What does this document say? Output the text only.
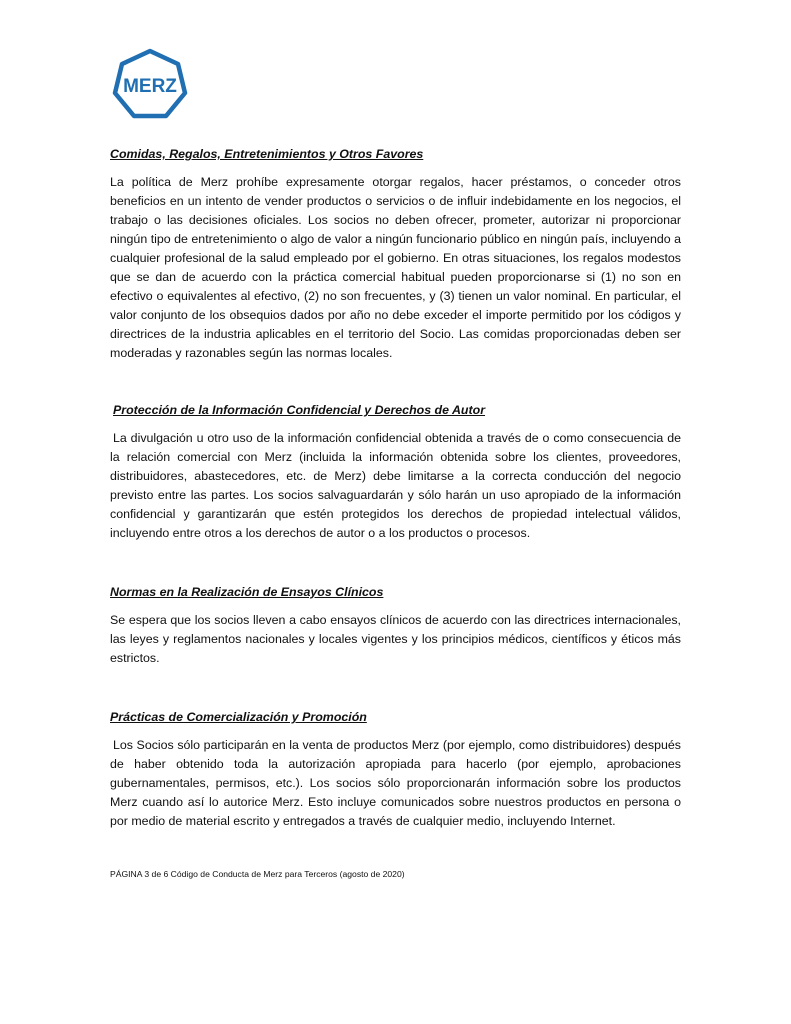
MERZ

Comidas, Regalos, Entretenimientos y Otros Favores

La política de Merz prohíbe expresamente otorgar regalos, hacer préstamos, o conceder otros beneficios en un intento de vender productos o servicios o de influir indebidamente en los negocios, el trabajo o las decisiones oficiales. Los socios no deben ofrecer, prometer, autorizar ni proporcionar ningún tipo de entretenimiento o algo de valor a ningún funcionario público en ningún país, incluyendo a cualquier profesional de la salud empleado por el gobierno. En otras situaciones, los regalos modestos que se dan de acuerdo con la práctica comercial habitual pueden proporcionarse si (1) no son en efectivo o equivalentes al efectivo, (2) no son frecuentes, y (3) tienen un valor nominal. En particular, el valor conjunto de los obsequios dados por año no debe exceder el importe permitido por los códigos y directrices de la industria aplicables en el territorio del Socio. Las comidas proporcionadas deben ser moderadas y razonables según las normas locales.

Protección de la Información Confidencial y Derechos de Autor

La divulgación u otro uso de la información confidencial obtenida a través de o como consecuencia de la relación comercial con Merz (incluida la información obtenida sobre los clientes, proveedores, distribuidores, abastecedores, etc. de Merz) debe limitarse a la correcta conducción del negocio previsto entre las partes. Los socios salvaguardarán y sólo harán un uso apropiado de la información confidencial y garantizarán que estén protegidos los derechos de propiedad intelectual válidos, incluyendo entre otros a los derechos de autor o a los productos o procesos.

Normas en la Realización de Ensayos Clínicos

Se espera que los socios lleven a cabo ensayos clínicos de acuerdo con las directrices internacionales, las leyes y reglamentos nacionales y locales vigentes y los principios médicos, científicos y éticos más estrictos.

Prácticas de Comercialización y Promoción

Los Socios sólo participarán en la venta de productos Merz (por ejemplo, como distribuidores) después de haber obtenido toda la autorización apropiada para hacerlo (por ejemplo, aprobaciones gubernamentales, permisos, etc.). Los socios sólo proporcionarán información sobre los productos Merz cuando así lo autorice Merz. Esto incluye comunicados sobre nuestros productos en persona o por medio de material escrito y entregados a través de cualquier medio, incluyendo Internet.

PÁGINA 3 de 6 Código de Conducta de Merz para Terceros (agosto de 2020)
